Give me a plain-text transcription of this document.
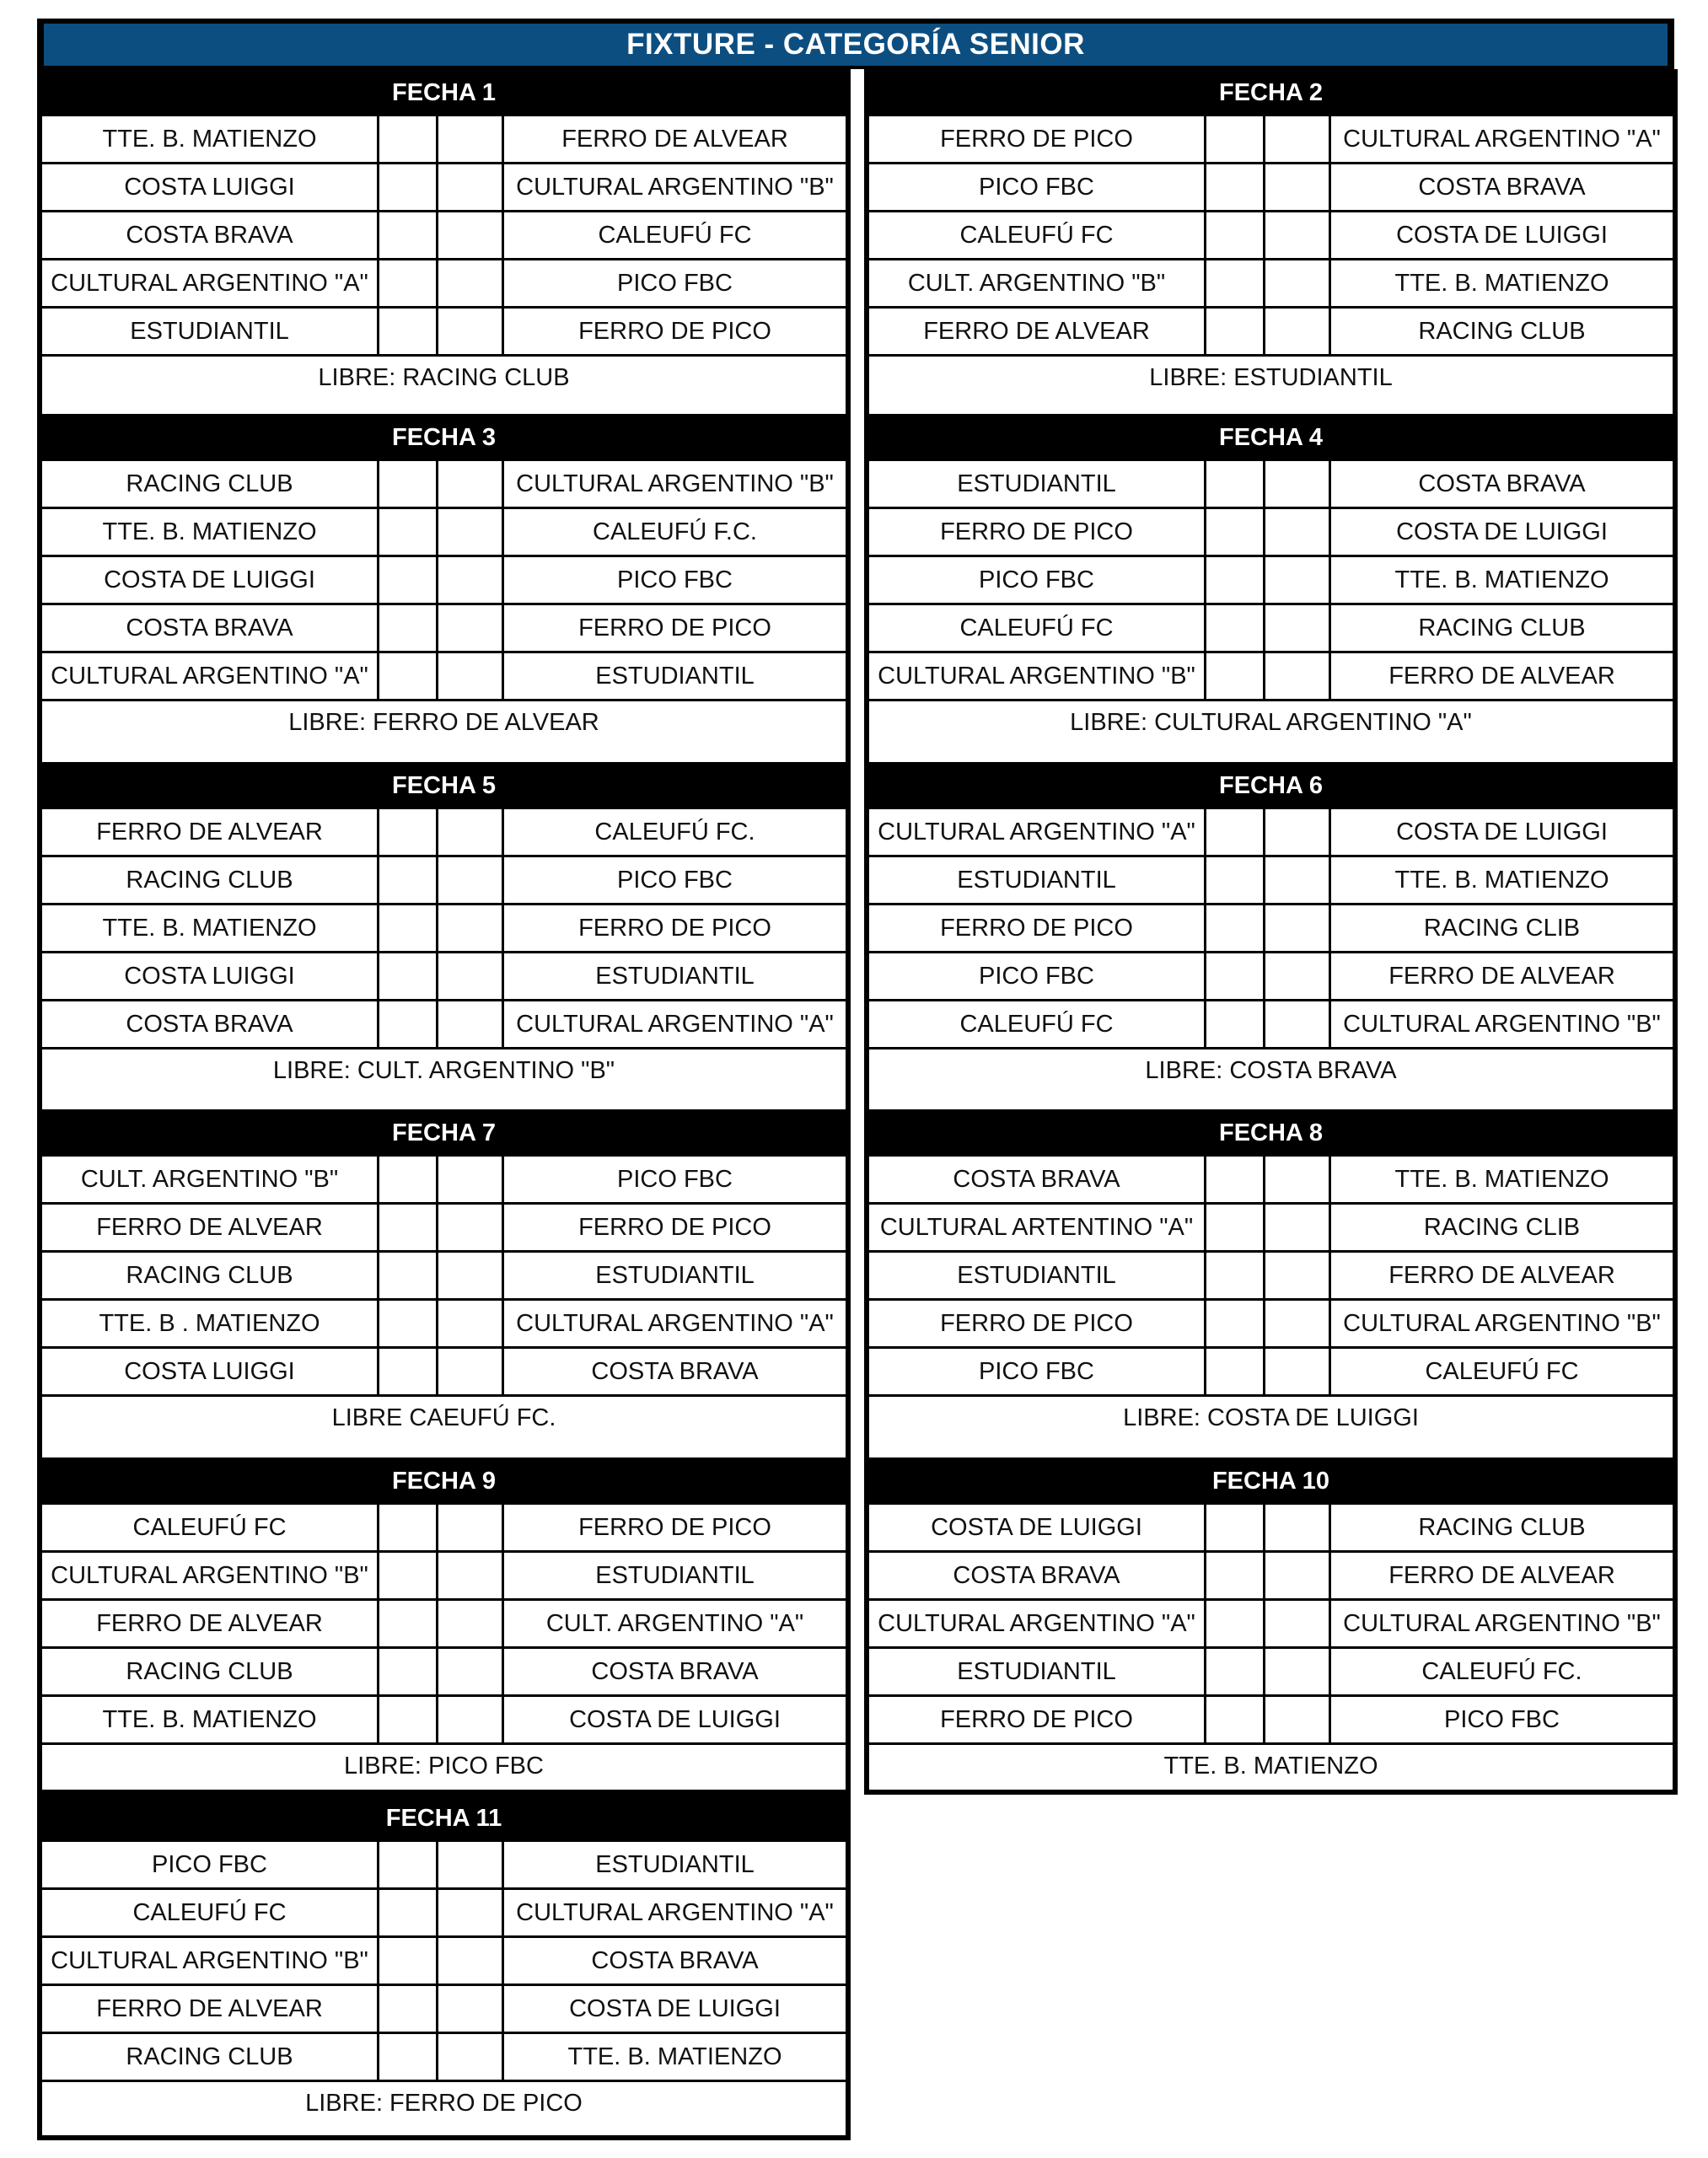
FIXTURE - CATEGORÍA SENIOR
FECHA 1
TTE. B. MATIENZO	FERRO DE ALVEAR
COSTA LUIGGI	CULTURAL ARGENTINO "B"
COSTA BRAVA	CALEUFÚ FC
CULTURAL ARGENTINO "A"	PICO FBC
ESTUDIANTIL	FERRO DE PICO
LIBRE: RACING CLUB
FECHA 2
FERRO DE PICO	CULTURAL ARGENTINO "A"
PICO FBC	COSTA BRAVA
CALEUFÚ FC	COSTA DE LUIGGI
CULT. ARGENTINO "B"	TTE. B. MATIENZO
FERRO DE ALVEAR	RACING CLUB
LIBRE: ESTUDIANTIL
FECHA 3
RACING CLUB	CULTURAL ARGENTINO "B"
TTE. B. MATIENZO	CALEUFÚ F.C.
COSTA DE LUIGGI	PICO FBC
COSTA BRAVA	FERRO DE PICO
CULTURAL ARGENTINO "A"	ESTUDIANTIL
LIBRE: FERRO DE ALVEAR
FECHA 4
ESTUDIANTIL	COSTA BRAVA
FERRO DE PICO	COSTA DE LUIGGI
PICO FBC	TTE. B. MATIENZO
CALEUFÚ FC	RACING CLUB
CULTURAL ARGENTINO "B"	FERRO DE ALVEAR
LIBRE: CULTURAL ARGENTINO "A"
FECHA 5
FERRO DE ALVEAR	CALEUFÚ FC.
RACING CLUB	PICO FBC
TTE. B. MATIENZO	FERRO DE PICO
COSTA LUIGGI	ESTUDIANTIL
COSTA BRAVA	CULTURAL ARGENTINO "A"
LIBRE: CULT. ARGENTINO "B"
FECHA 6
CULTURAL ARGENTINO "A"	COSTA DE LUIGGI
ESTUDIANTIL	TTE. B. MATIENZO
FERRO DE PICO	RACING CLIB
PICO FBC	FERRO DE ALVEAR
CALEUFÚ FC	CULTURAL ARGENTINO "B"
LIBRE: COSTA BRAVA
FECHA 7
CULT. ARGENTINO "B"	PICO FBC
FERRO DE ALVEAR	FERRO DE PICO
RACING CLUB	ESTUDIANTIL
TTE. B . MATIENZO	CULTURAL ARGENTINO "A"
COSTA LUIGGI	COSTA BRAVA
LIBRE CAEUFÚ FC.
FECHA 8
COSTA BRAVA	TTE. B. MATIENZO
CULTURAL ARTENTINO "A"	RACING CLIB
ESTUDIANTIL	FERRO DE ALVEAR
FERRO DE PICO	CULTURAL ARGENTINO "B"
PICO FBC	CALEUFÚ FC
LIBRE: COSTA DE LUIGGI
FECHA 9
CALEUFÚ FC	FERRO DE PICO
CULTURAL ARGENTINO "B"	ESTUDIANTIL
FERRO DE ALVEAR	CULT. ARGENTINO "A"
RACING CLUB	COSTA BRAVA
TTE. B. MATIENZO	COSTA DE LUIGGI
LIBRE: PICO FBC
FECHA 10
COSTA DE LUIGGI	RACING CLUB
COSTA BRAVA	FERRO DE ALVEAR
CULTURAL ARGENTINO "A"	CULTURAL ARGENTINO "B"
ESTUDIANTIL	CALEUFÚ FC.
FERRO DE PICO	PICO FBC
TTE. B. MATIENZO
FECHA 11
PICO FBC	ESTUDIANTIL
CALEUFÚ FC	CULTURAL ARGENTINO "A"
CULTURAL ARGENTINO "B"	COSTA BRAVA
FERRO DE ALVEAR	COSTA DE LUIGGI
RACING CLUB	TTE. B. MATIENZO
LIBRE: FERRO DE PICO
